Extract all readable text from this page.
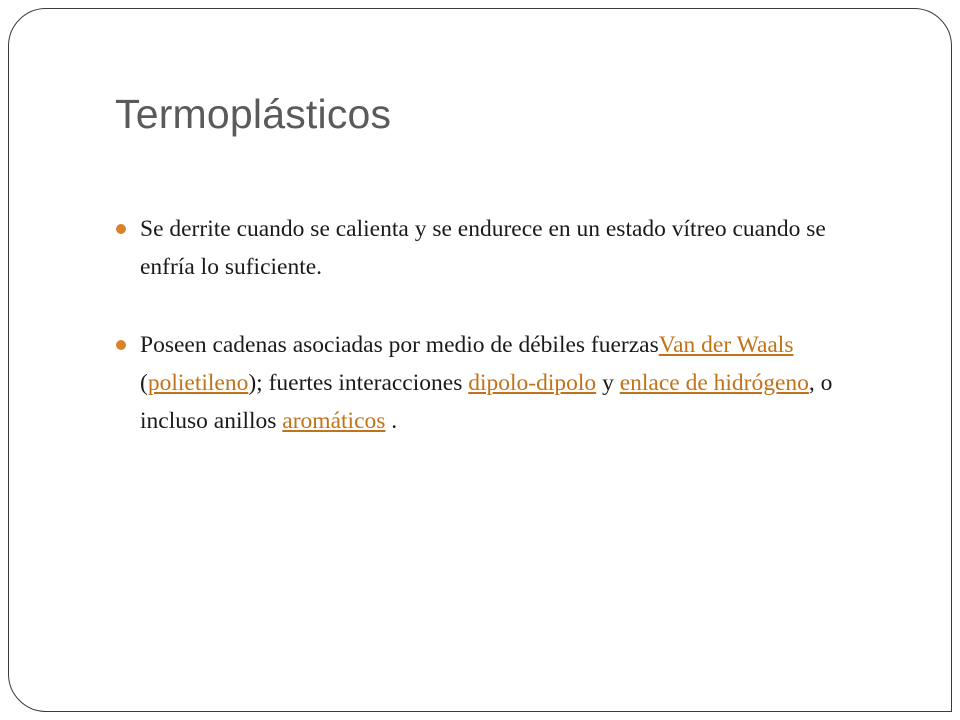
Termoplásticos
Se derrite cuando se calienta y se endurece en un estado vítreo cuando se enfría lo suficiente.
Poseen cadenas asociadas por medio de débiles fuerzasVan der Waals (polietileno); fuertes interacciones dipolo-dipolo y enlace de hidrógeno, o incluso anillos aromáticos .
